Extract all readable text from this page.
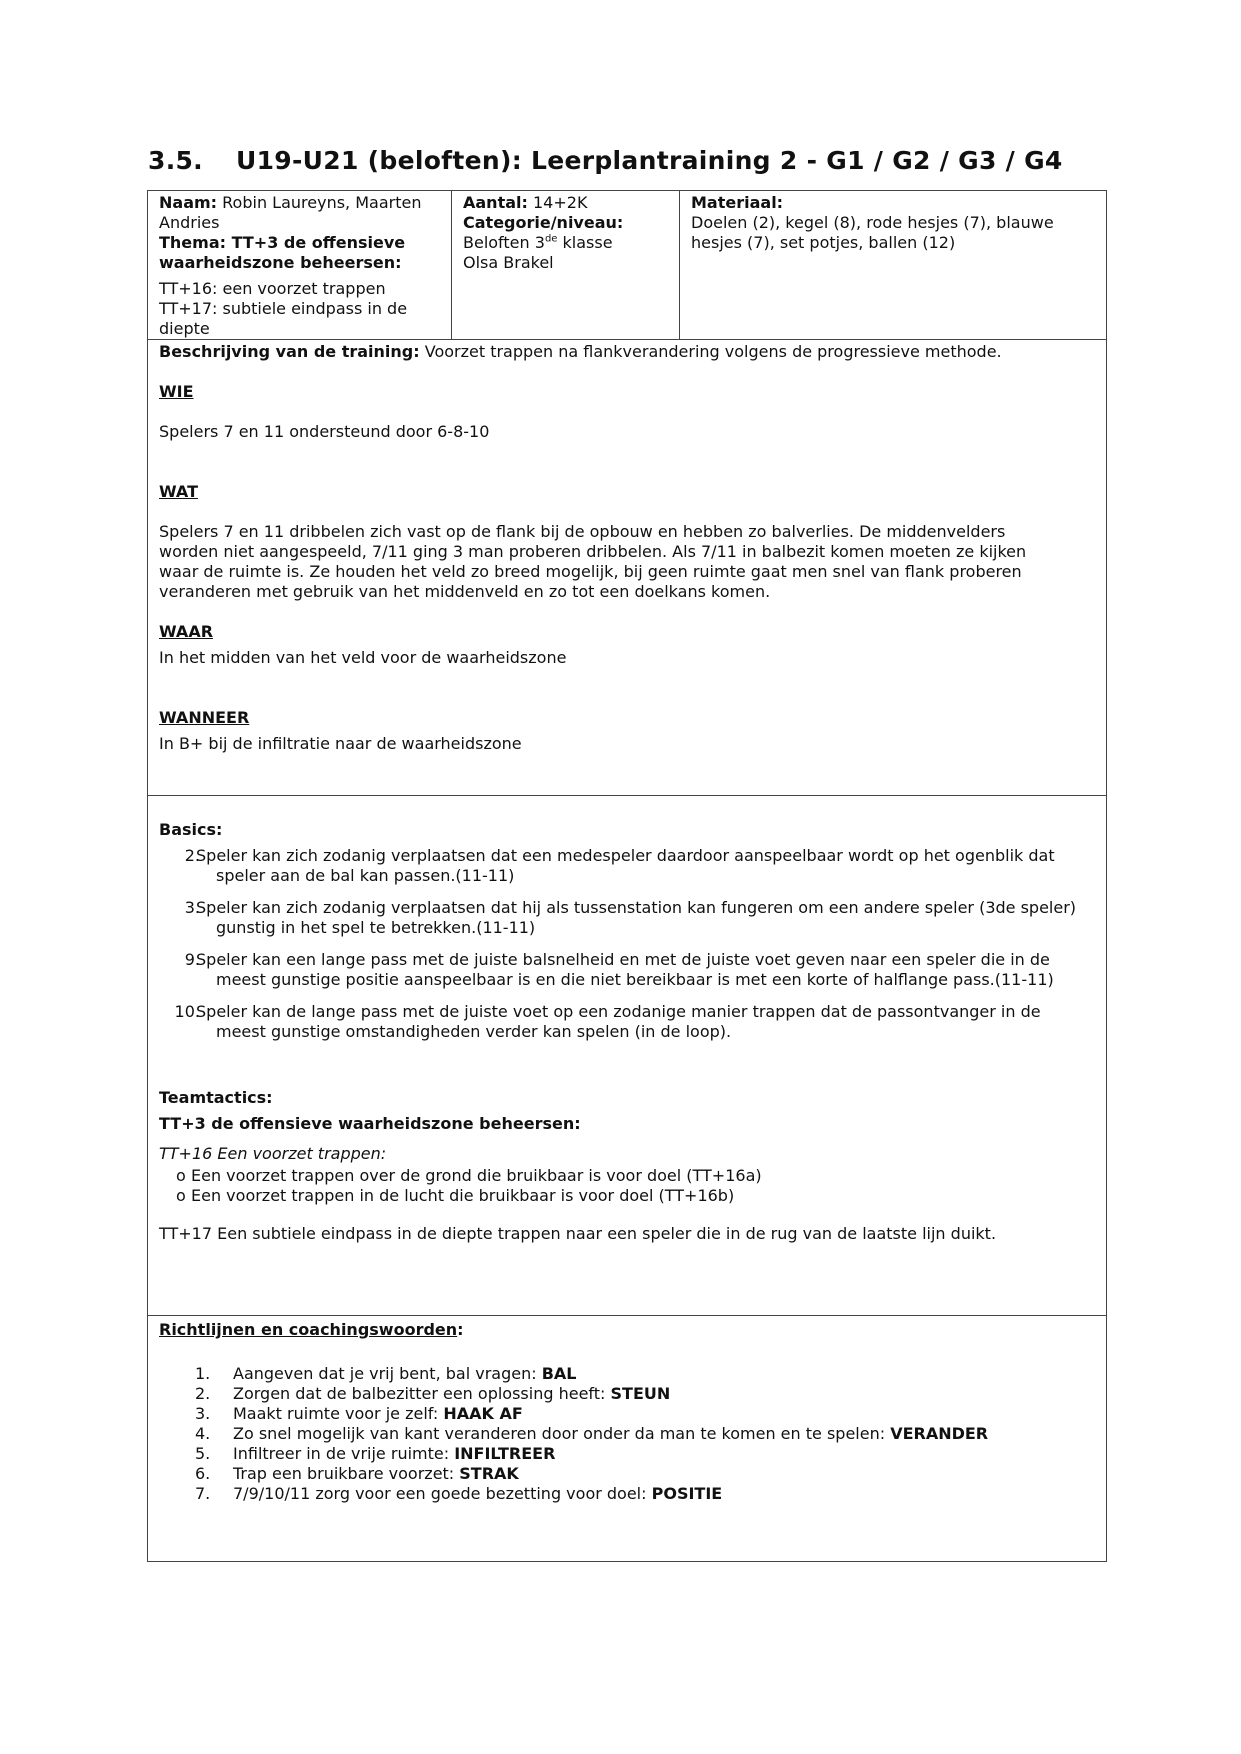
3.5. U19-U21 (beloften): Leerplantraining 2 - G1 / G2 / G3 / G4
Naam: Robin Laureyns, Maarten Andries
Thema: TT+3 de offensieve waarheidszone beheersen:
TT+16: een voorzet trappen
TT+17: subtiele eindpass in de diepte
Aantal: 14+2K
Categorie/niveau:
Beloften 3de klasse
Olsa Brakel
Materiaal:
Doelen (2), kegel (8), rode hesjes (7), blauwe hesjes (7), set potjes, ballen (12)
Beschrijving van de training: Voorzet trappen na flankverandering volgens de progressieve methode.
WIE
Spelers 7 en 11 ondersteund door 6-8-10
WAT
Spelers 7 en 11 dribbelen zich vast op de flank bij de opbouw en hebben zo balverlies. De middenvelders
worden niet aangespeeld, 7/11 ging 3 man proberen dribbelen. Als 7/11 in balbezit komen moeten ze kijken
waar de ruimte is. Ze houden het veld zo breed mogelijk, bij geen ruimte gaat men snel van flank proberen
veranderen met gebruik van het middenveld en zo tot een doelkans komen.
WAAR
In het midden van het veld voor de waarheidszone
WANNEER
In B+ bij de infiltratie naar de waarheidszone
Basics:
2.
Speler kan zich zodanig verplaatsen dat een medespeler daardoor aanspeelbaar wordt op het ogenblik dat
speler aan de bal kan passen.(11-11)
3.
Speler kan zich zodanig verplaatsen dat hij als tussenstation kan fungeren om een andere speler (3de speler)
gunstig in het spel te betrekken.(11-11)
9.
Speler kan een lange pass met de juiste balsnelheid en met de juiste voet geven naar een speler die in de
meest gunstige positie aanspeelbaar is en die niet bereikbaar is met een korte of halflange pass.(11-11)
10.
Speler kan de lange pass met de juiste voet op een zodanige manier trappen dat de passontvanger in de
meest gunstige omstandigheden verder kan spelen (in de loop).
Teamtactics:
TT+3 de offensieve waarheidszone beheersen:
TT+16 Een voorzet trappen:
o Een voorzet trappen over de grond die bruikbaar is voor doel (TT+16a)
o Een voorzet trappen in de lucht die bruikbaar is voor doel (TT+16b)
TT+17 Een subtiele eindpass in de diepte trappen naar een speler die in de rug van de laatste lijn duikt.
Richtlijnen en coachingswoorden:
1. Aangeven dat je vrij bent, bal vragen: BAL
2. Zorgen dat de balbezitter een oplossing heeft: STEUN
3. Maakt ruimte voor je zelf: HAAK AF
4. Zo snel mogelijk van kant veranderen door onder da man te komen en te spelen: VERANDER
5. Infiltreer in de vrije ruimte: INFILTREER
6. Trap een bruikbare voorzet: STRAK
7. 7/9/10/11 zorg voor een goede bezetting voor doel: POSITIE
